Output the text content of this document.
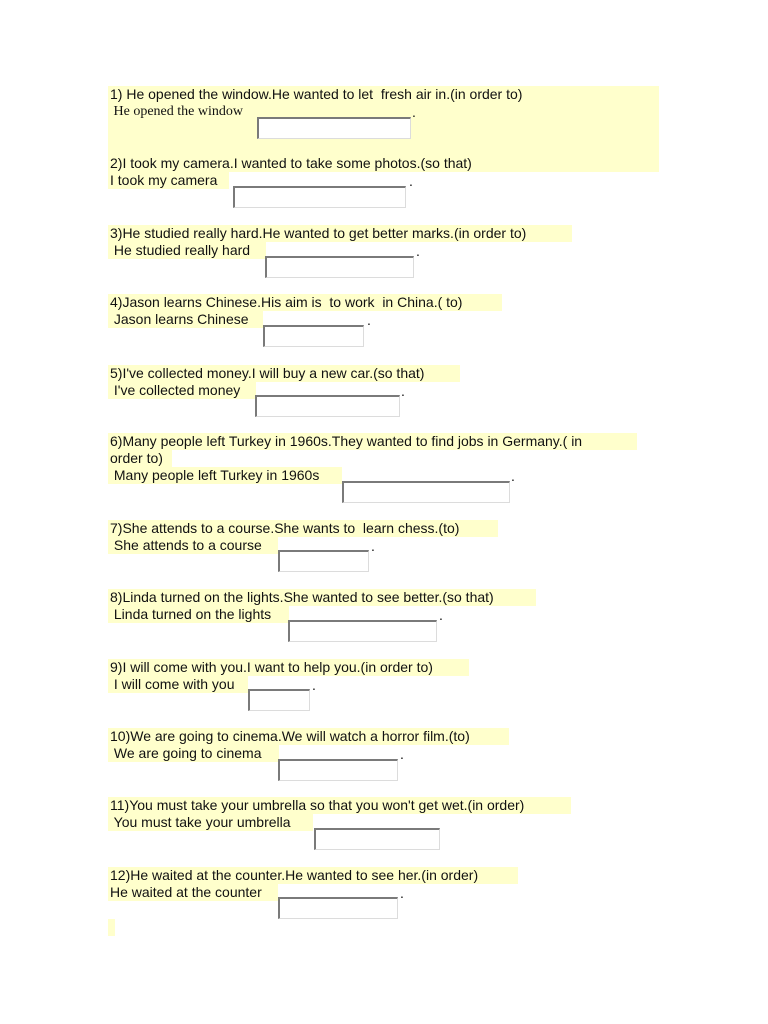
1) He opened the window.He wanted to let  fresh air in.(in order to)
He opened the window	.
2)I took my camera.I wanted to take some photos.(so that)
I took my camera	.
3)He studied really hard.He wanted to get better marks.(in order to)
He studied really hard	.
4)Jason learns Chinese.His aim is  to work  in China.( to)
Jason learns Chinese	.
5)I've collected money.I will buy a new car.(so that)
I've collected money	.
6)Many people left Turkey in 1960s.They wanted to find jobs in Germany.( in
order to)
Many people left Turkey in 1960s	.
7)She attends to a course.She wants to  learn chess.(to)
She attends to a course	.
8)Linda turned on the lights.She wanted to see better.(so that)
Linda turned on the lights	.
9)I will come with you.I want to help you.(in order to)
I will come with you	.
10)We are going to cinema.We will watch a horror film.(to)
We are going to cinema	.
11)You must take your umbrella so that you won't get wet.(in order)
You must take your umbrella
12)He waited at the counter.He wanted to see her.(in order)
He waited at the counter	.
